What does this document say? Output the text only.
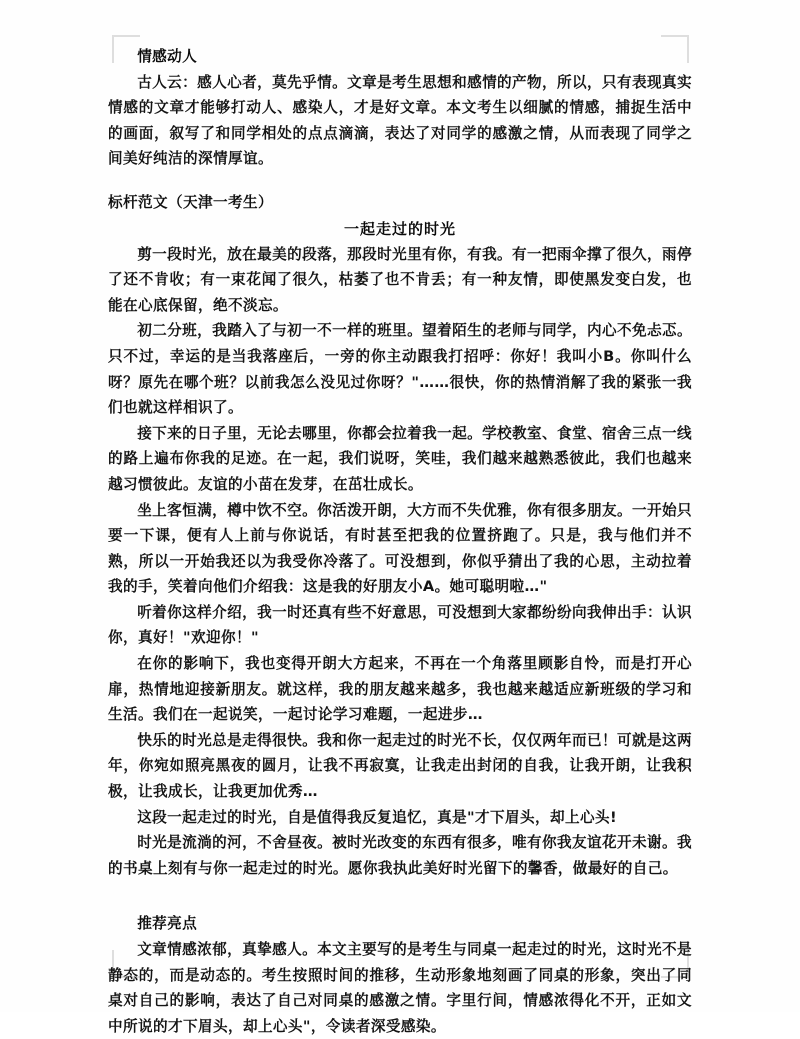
情感动人

古人云：感人心者，莫先乎情。文章是考生思想和感情的产物，所以，只有表现真实情感的文章才能够打动人、感染人，才是好文章。本文考生以细腻的情感，捕捉生活中的画面，叙写了和同学相处的点点滴滴，表达了对同学的感激之情，从而表现了同学之间美好纯洁的深情厚谊。

标杆范文（天津一考生）

一起走过的时光

剪一段时光，放在最美的段落，那段时光里有你，有我。有一把雨伞撑了很久，雨停了还不肯收；有一束花闻了很久，枯萎了也不肯丢；有一种友情，即使黑发变白发，也能在心底保留，绝不淡忘。

初二分班，我踏入了与初一不一样的班里。望着陌生的老师与同学，内心不免忐忑。只不过，幸运的是当我落座后，一旁的你主动跟我打招呼：你好！我叫小B。你叫什么呀？原先在哪个班？以前我怎么没见过你呀？"……很快，你的热情消解了我的紧张一我们也就这样相识了。

接下来的日子里，无论去哪里，你都会拉着我一起。学校教室、食堂、宿舍三点一线的路上遍布你我的足迹。在一起，我们说呀，笑哇，我们越来越熟悉彼此，我们也越来越习惯彼此。友谊的小苗在发芽，在茁壮成长。

坐上客恒满，樽中饮不空。你活泼开朗，大方而不失优雅，你有很多朋友。一开始只要一下课，便有人上前与你说话，有时甚至把我的位置挤跑了。只是，我与他们并不熟，所以一开始我还以为我受你冷落了。可没想到，你似乎猜出了我的心思，主动拉着我的手，笑着向他们介绍我：这是我的好朋友小A。她可聪明啦…"

听着你这样介绍，我一时还真有些不好意思，可没想到大家都纷纷向我伸出手：认识你，真好！"欢迎你！"

在你的影响下，我也变得开朗大方起来，不再在一个角落里顾影自怜，而是打开心扉，热情地迎接新朋友。就这样，我的朋友越来越多，我也越来越适应新班级的学习和生活。我们在一起说笑，一起讨论学习难题，一起进步…

快乐的时光总是走得很快。我和你一起走过的时光不长，仅仅两年而已！可就是这两年，你宛如照亮黑夜的圆月，让我不再寂寞，让我走出封闭的自我，让我开朗，让我积极，让我成长，让我更加优秀…

这段一起走过的时光，自是值得我反复追忆，真是"才下眉头，却上心头!

时光是流淌的河，不舍昼夜。被时光改变的东西有很多，唯有你我友谊花开未谢。我的书桌上刻有与你一起走过的时光。愿你我执此美好时光留下的馨香，做最好的自己。

推荐亮点

文章情感浓郁，真挚感人。本文主要写的是考生与同桌一起走过的时光，这时光不是静态的，而是动态的。考生按照时间的推移，生动形象地刻画了同桌的形象，突出了同桌对自己的影响，表达了自己对同桌的感激之情。字里行间，情感浓得化不开，正如文中所说的才下眉头，却上心头"，令读者深受感染。
